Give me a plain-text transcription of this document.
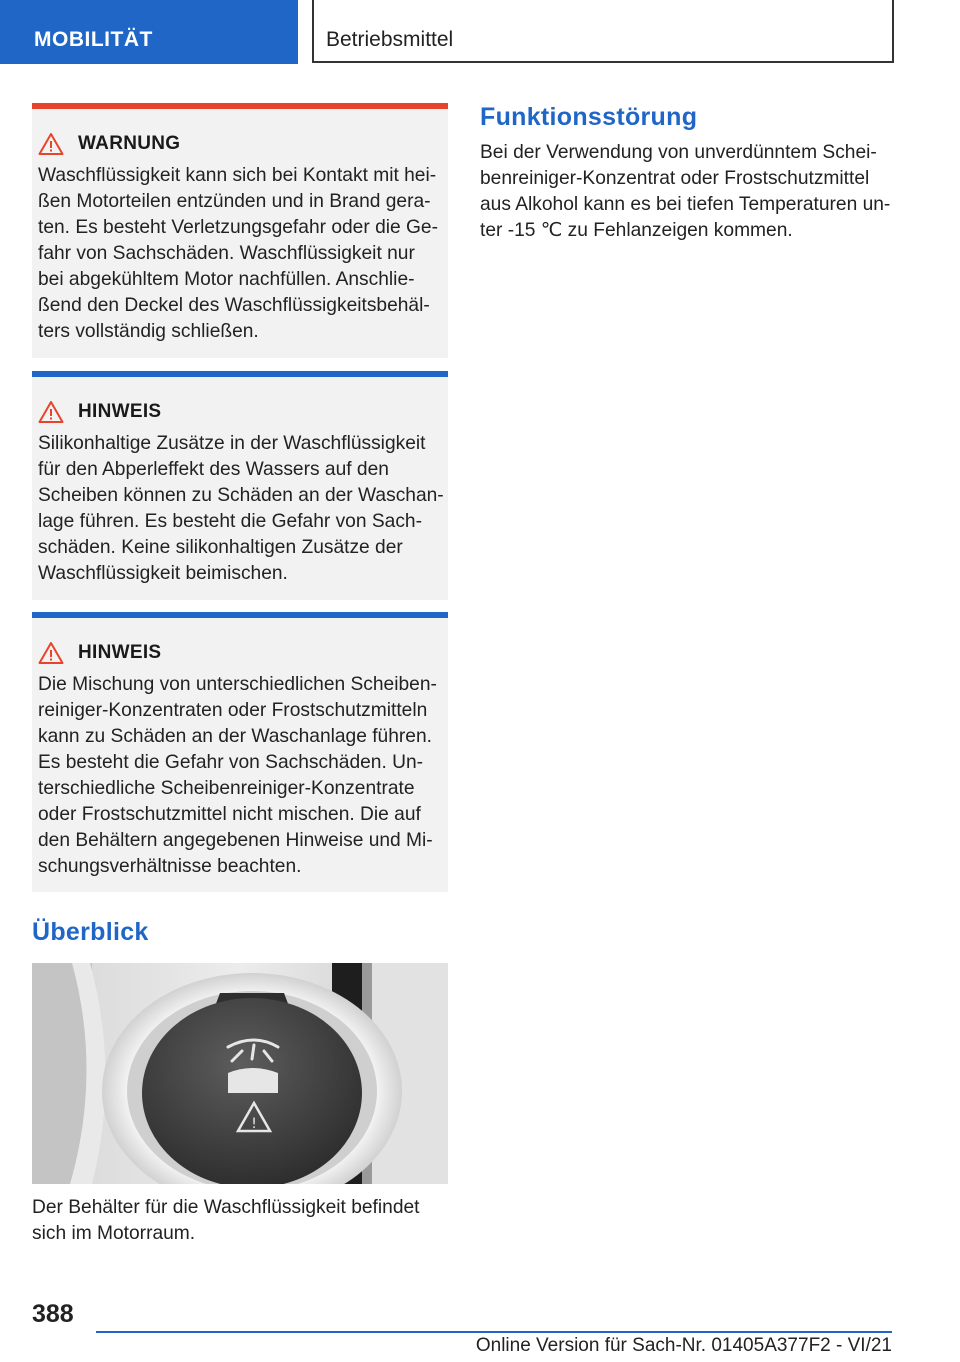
MOBILITÄT	Betriebsmittel
WARNUNG
Waschflüssigkeit kann sich bei Kontakt mit hei‐
ßen Motorteilen entzünden und in Brand gera‐
ten. Es besteht Verletzungsgefahr oder die Ge‐
fahr von Sachschäden. Waschflüssigkeit nur
bei abgekühltem Motor nachfüllen. Anschlie‐
ßend den Deckel des Waschflüssigkeitsbehäl‐
ters vollständig schließen.
HINWEIS
Silikonhaltige Zusätze in der Waschflüssigkeit
für den Abperleffekt des Wassers auf den
Scheiben können zu Schäden an der Waschan‐
lage führen. Es besteht die Gefahr von Sach‐
schäden. Keine silikonhaltigen Zusätze der
Waschflüssigkeit beimischen.
HINWEIS
Die Mischung von unterschiedlichen Scheiben‐
reiniger-Konzentraten oder Frostschutzmitteln
kann zu Schäden an der Waschanlage führen.
Es besteht die Gefahr von Sachschäden. Un‐
terschiedliche Scheibenreiniger-Konzentrate
oder Frostschutzmittel nicht mischen. Die auf
den Behältern angegebenen Hinweise und Mi‐
schungsverhältnisse beachten.
Überblick
!
Der Behälter für die Waschflüssigkeit befindet
sich im Motorraum.
Funktionsstörung
Bei der Verwendung von unverdünntem Schei‐
benreiniger-Konzentrat oder Frostschutzmittel
aus Alkohol kann es bei tiefen Temperaturen un‐
ter -15 ℃ zu Fehlanzeigen kommen.
388
Online Version für Sach-Nr. 01405A377F2 - VI/21
